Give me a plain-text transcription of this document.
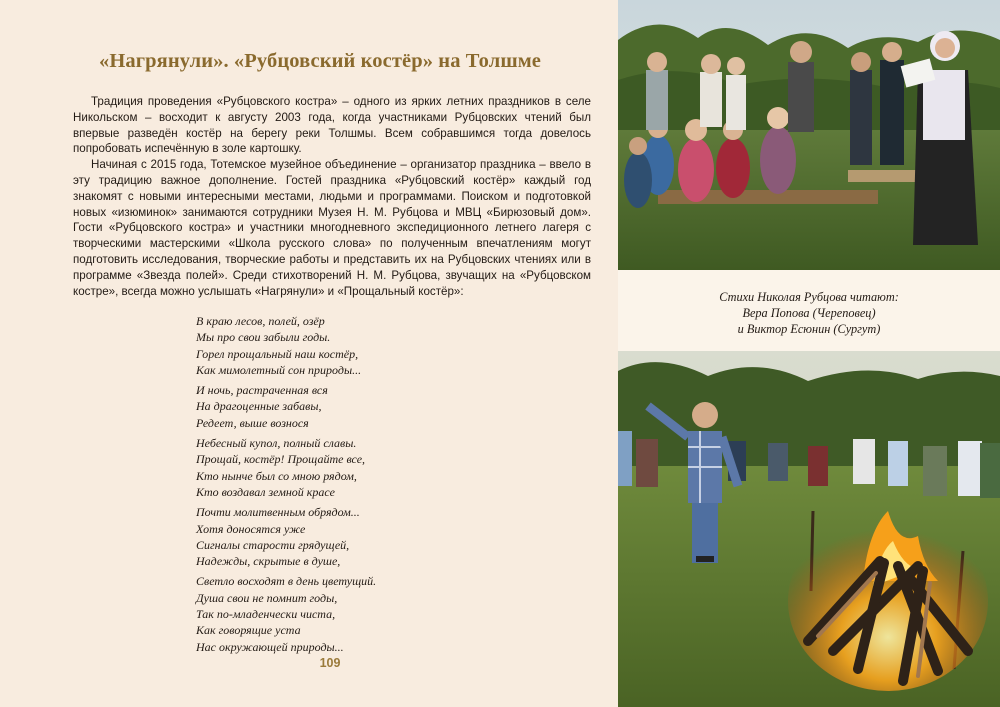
«Нагрянули». «Рубцовский костёр» на Толшме

Традиция проведения «Рубцовского костра» – одного из ярких летних праздников в селе Никольском – восходит к августу 2003 года, когда участниками Рубцовских чтений был впервые разведён костёр на берегу реки Толшмы. Всем собравшимся тогда довелось попробовать испечённую в золе картошку.

Начиная с 2015 года, Тотемское музейное объединение – организатор праздника – ввело в эту традицию важное дополнение. Гостей праздника «Рубцовский костёр» каждый год знакомят с новыми интересными местами, людьми и программами. Поиском и подготовкой новых «изюминок» занимаются сотрудники Музея Н. М. Рубцова и МВЦ «Бирюзовый дом». Гости «Рубцовского костра» и участники многодневного экспедиционного летнего лагеря с творческими мастерскими «Школа русского слова» по полученным впечатлениям могут подготовить исследования, творческие работы и представить их на Рубцовских чтениях или в программе «Звезда полей». Среди стихотворений Н. М. Рубцова, звучащих на «Рубцовском костре», всегда можно услышать «Нагрянули» и «Прощальный костёр»:

В краю лесов, полей, озёр
Мы про свои забыли годы.
Горел прощальный наш костёр,
Как мимолетный сон природы...
И ночь, растраченная вся
На драгоценные забавы,
Редеет, выше вознося
Небесный купол, полный славы.
Прощай, костёр! Прощайте все,
Кто нынче был со мною рядом,
Кто воздавал земной красе
Почти молитвенным обрядом...
Хотя доносятся уже
Сигналы старости грядущей,
Надежды, скрытые в душе,
Светло восходят в день цветущий.
Душа свои не помнит годы,
Так по-младенчески чиста,
Как говорящие уста
Нас окружающей природы...
109
Стихи Николая Рубцова читают:
Вера Попова (Череповец)
и Виктор Есюнин (Сургут)
